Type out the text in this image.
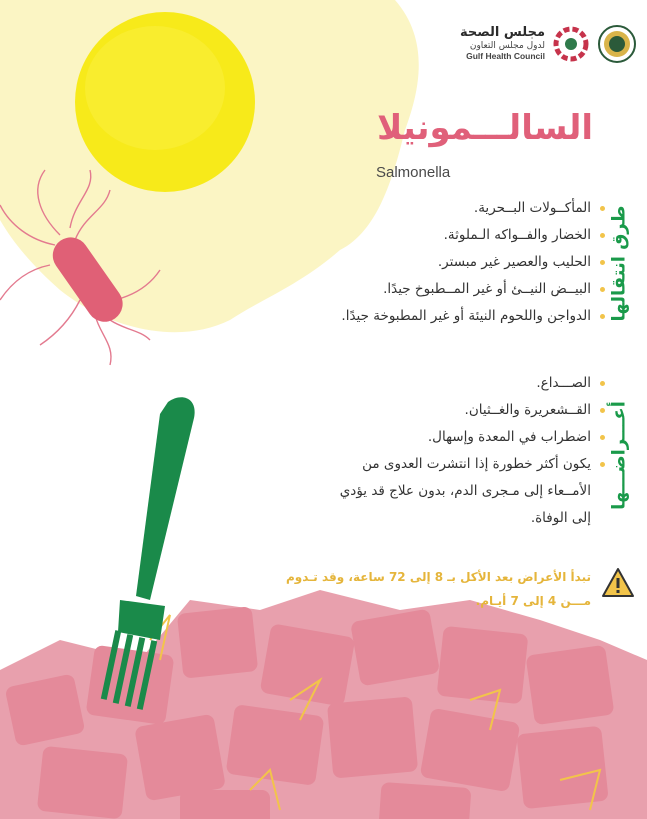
مجلس الصحة
لدول مجلس التعاون
Gulf Health Council
السالـــمونيلا
Salmonella
طرق انتقالها
المأكــولات البــحرية.
الخضار والفــواكه الـملوثة.
الحليب والعصير غير مبستر.
البيــض النيــئ أو غير المــطبوخ جيدًا.
الدواجن واللحوم النيئة أو غير المطبوخة جيدًا.
أعـــراضـــها
الصـــداع.
القــشعريرة والغــثيان.
اضطراب في المعدة وإسهال.
يكون أكثر خطورة إذا انتشرت العدوى من الأمــعاء إلى مـجرى الدم، بدون علاج قد يؤدي إلى الوفاة.
تبدأ الأعراض بعد الأكل بـ 8 إلى 72 ساعة، وقد تـدوم مـــن 4 إلى 7 أيـام.
